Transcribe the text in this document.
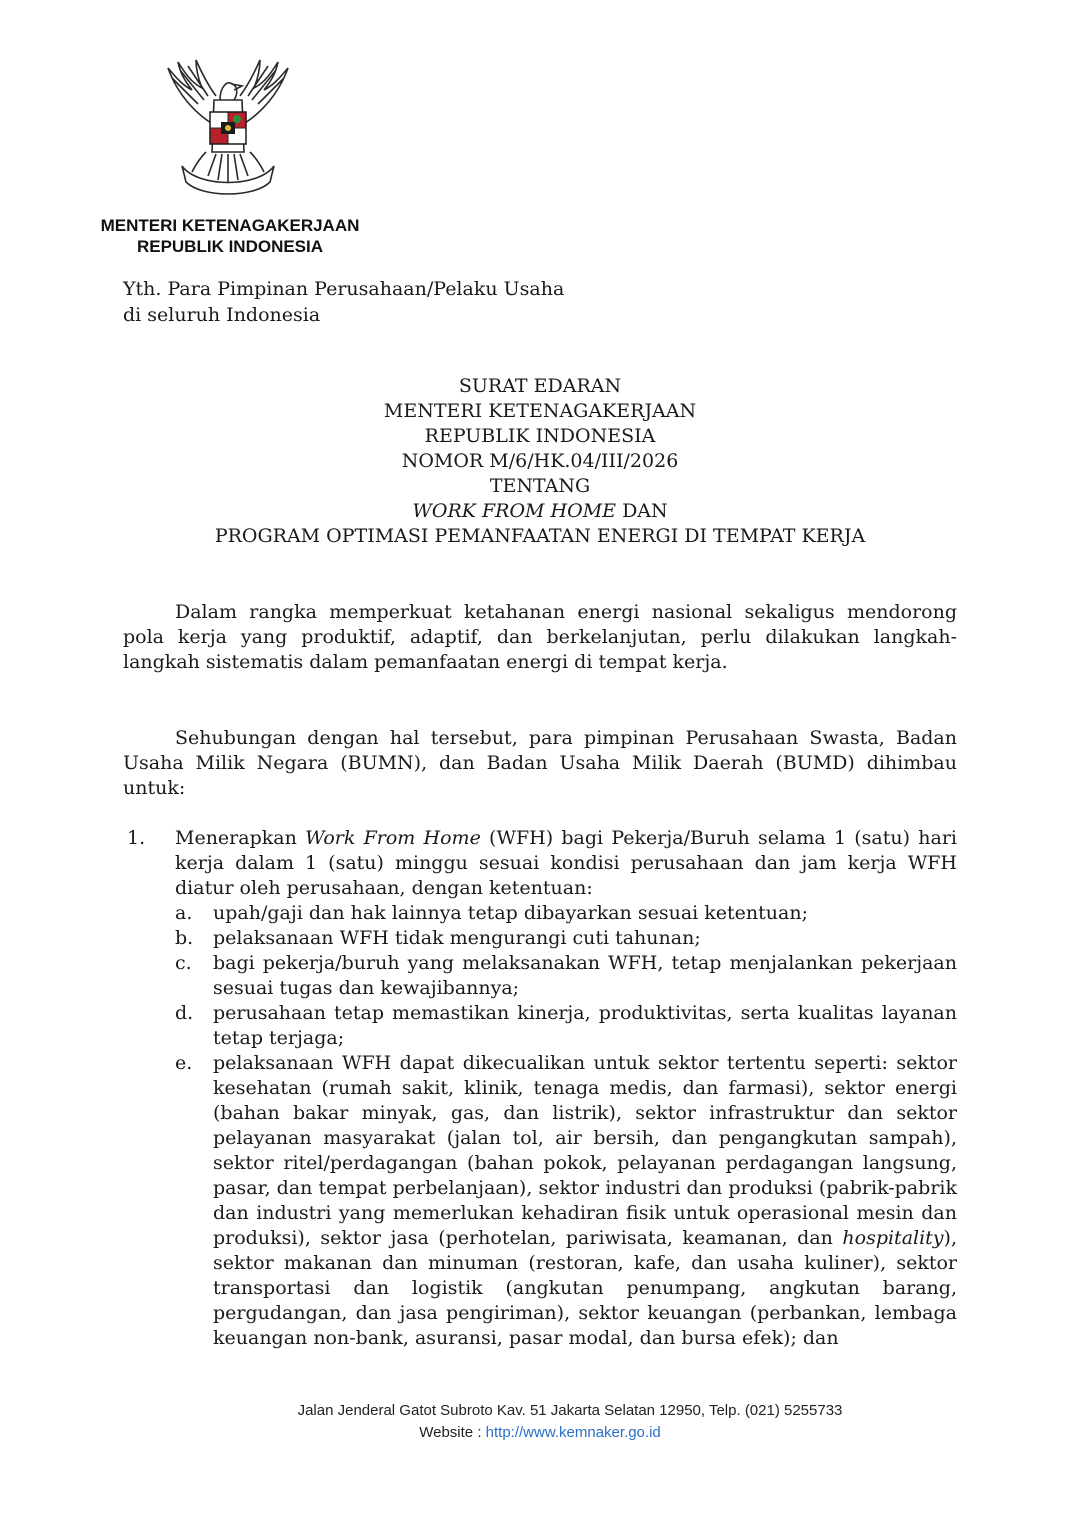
MENTERI KETENAGAKERJAAN
REPUBLIK INDONESIA
Yth. Para Pimpinan Perusahaan/Pelaku Usaha
di seluruh Indonesia
SURAT EDARAN
MENTERI KETENAGAKERJAAN
REPUBLIK INDONESIA
NOMOR M/6/HK.04/III/2026
TENTANG
WORK FROM HOME DAN
PROGRAM OPTIMASI PEMANFAATAN ENERGI DI TEMPAT KERJA
Dalam rangka memperkuat ketahanan energi nasional sekaligus mendorong pola kerja yang produktif, adaptif, dan berkelanjutan, perlu dilakukan langkah-langkah sistematis dalam pemanfaatan energi di tempat kerja.
Sehubungan dengan hal tersebut, para pimpinan Perusahaan Swasta, Badan Usaha Milik Negara (BUMN), dan Badan Usaha Milik Daerah (BUMD) dihimbau untuk:
1. Menerapkan Work From Home (WFH) bagi Pekerja/Buruh selama 1 (satu) hari kerja dalam 1 (satu) minggu sesuai kondisi perusahaan dan jam kerja WFH diatur oleh perusahaan, dengan ketentuan:
a. upah/gaji dan hak lainnya tetap dibayarkan sesuai ketentuan;
b. pelaksanaan WFH tidak mengurangi cuti tahunan;
c. bagi pekerja/buruh yang melaksanakan WFH, tetap menjalankan pekerjaan sesuai tugas dan kewajibannya;
d. perusahaan tetap memastikan kinerja, produktivitas, serta kualitas layanan tetap terjaga;
e. pelaksanaan WFH dapat dikecualikan untuk sektor tertentu seperti: sektor kesehatan (rumah sakit, klinik, tenaga medis, dan farmasi), sektor energi (bahan bakar minyak, gas, dan listrik), sektor infrastruktur dan sektor pelayanan masyarakat (jalan tol, air bersih, dan pengangkutan sampah), sektor ritel/perdagangan (bahan pokok, pelayanan perdagangan langsung, pasar, dan tempat perbelanjaan), sektor industri dan produksi (pabrik-pabrik dan industri yang memerlukan kehadiran fisik untuk operasional mesin dan produksi), sektor jasa (perhotelan, pariwisata, keamanan, dan hospitality), sektor makanan dan minuman (restoran, kafe, dan usaha kuliner), sektor transportasi dan logistik (angkutan penumpang, angkutan barang, pergudangan, dan jasa pengiriman), sektor keuangan (perbankan, lembaga keuangan non-bank, asuransi, pasar modal, dan bursa efek); dan
Jalan Jenderal Gatot Subroto Kav. 51 Jakarta Selatan 12950, Telp. (021) 5255733
Website : http://www.kemnaker.go.id
